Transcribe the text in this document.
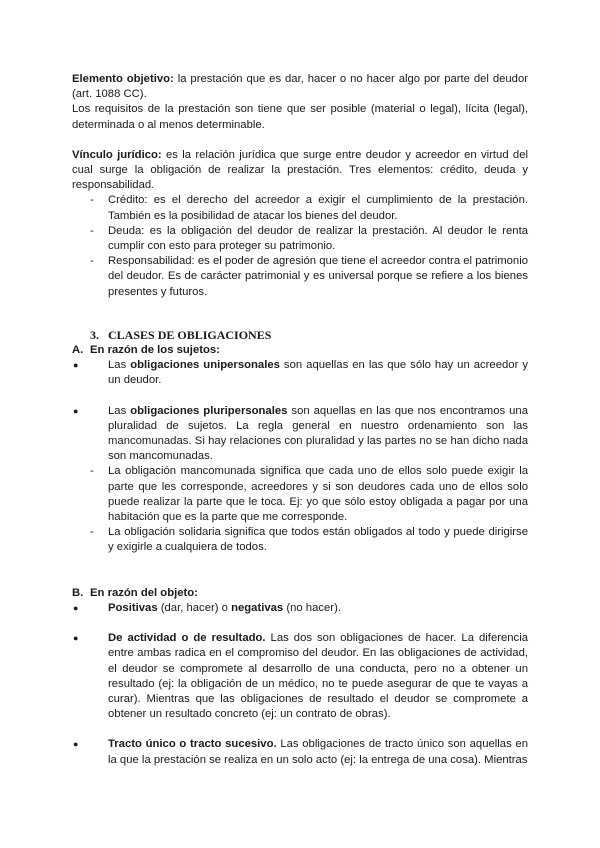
Elemento objetivo: la prestación que es dar, hacer o no hacer algo por parte del deudor (art. 1088 CC).

Los requisitos de la prestación son tiene que ser posible (material o legal), lícita (legal), determinada o al menos determinable.

Vínculo jurídico: es la relación jurídica que surge entre deudor y acreedor en virtud del cual surge la obligación de realizar la prestación. Tres elementos: crédito, deuda y responsabilidad.

- Crédito: es el derecho del acreedor a exigir el cumplimiento de la prestación. También es la posibilidad de atacar los bienes del deudor.
- Deuda: es la obligación del deudor de realizar la prestación. Al deudor le renta cumplir con esto para proteger su patrimonio.
- Responsabilidad: es el poder de agresión que tiene el acreedor contra el patrimonio del deudor. Es de carácter patrimonial y es universal porque se refiere a los bienes presentes y futuros.
3. CLASES DE OBLIGACIONES
A. En razón de los sujetos:
●	Las obligaciones unipersonales son aquellas en las que sólo hay un acreedor y un deudor.
●	Las obligaciones pluripersonales son aquellas en las que nos encontramos una pluralidad de sujetos. La regla general en nuestro ordenamiento son las mancomunadas. Si hay relaciones con pluralidad y las partes no se han dicho nada son mancomunadas.
- La obligación mancomunada significa que cada uno de ellos solo puede exigir la parte que les corresponde, acreedores y si son deudores cada uno de ellos solo puede realizar la parte que le toca. Ej: yo que sólo estoy obligada a pagar por una habitación que es la parte que me corresponde.
- La obligación solidaria significa que todos están obligados al todo y puede dirigirse y exigirle a cualquiera de todos.
B. En razón del objeto:
●	Positivas (dar, hacer) o negativas (no hacer).
●	De actividad o de resultado. Las dos son obligaciones de hacer. La diferencia entre ambas radica en el compromiso del deudor. En las obligaciones de actividad, el deudor se compromete al desarrollo de una conducta, pero no a obtener un resultado (ej: la obligación de un médico, no te puede asegurar de que te vayas a curar). Mientras que las obligaciones de resultado el deudor se compromete a obtener un resultado concreto (ej: un contrato de obras).
●	Tracto único o tracto sucesivo. Las obligaciones de tracto único son aquellas en la que la prestación se realiza en un solo acto (ej: la entrega de una cosa). Mientras
